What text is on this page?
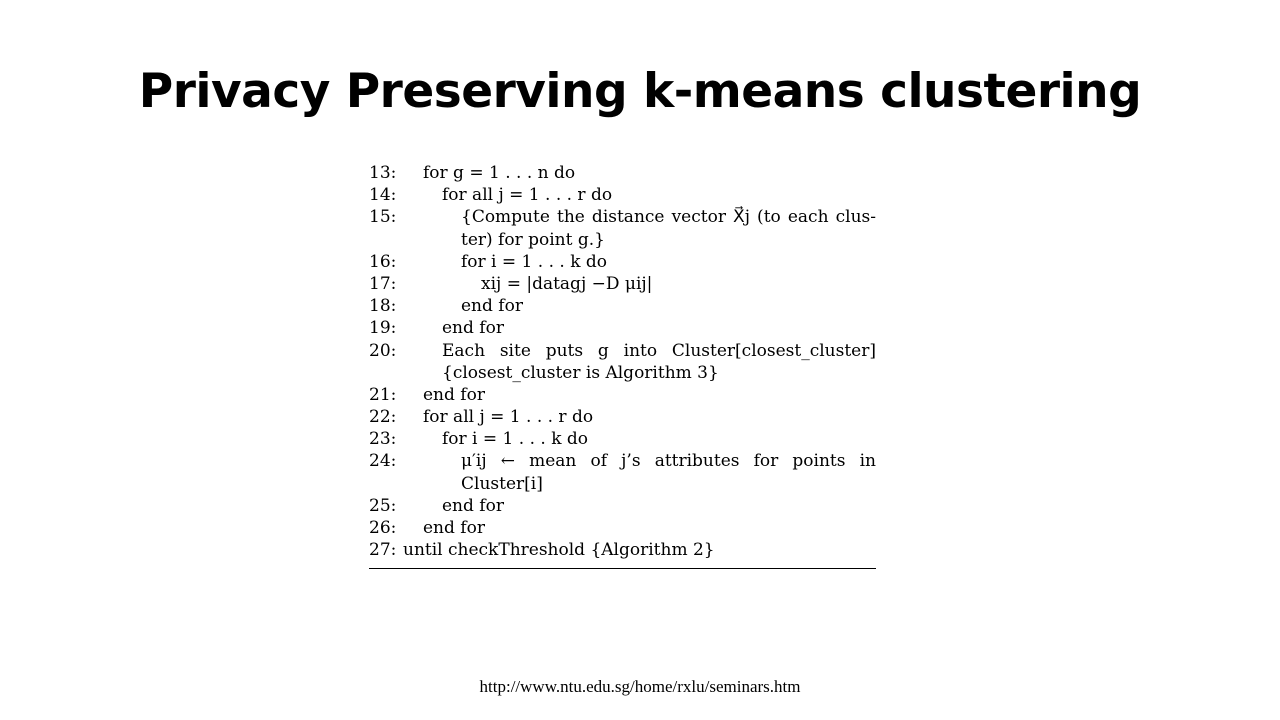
Privacy Preserving k-means clustering
13: for g = 1 . . . n do
14:	for all j = 1 . . . r do
15:	{Compute the distance vector X⃗j (to each clus-
ter) for point g.}
16:	for i = 1 . . . k do
17:	xij = |datagj −D μij|
18:	end for
19:	end for
20:	Each site puts g into Cluster[closest_cluster]
{closest_cluster is Algorithm 3}
21: end for
22: for all j = 1 . . . r do
23:	for i = 1 . . . k do
24:	μ′ij ← mean of j’s attributes for points in
Cluster[i]
25:	end for
26: end for
27: until checkThreshold {Algorithm 2}
http://www.ntu.edu.sg/home/rxlu/seminars.htm
